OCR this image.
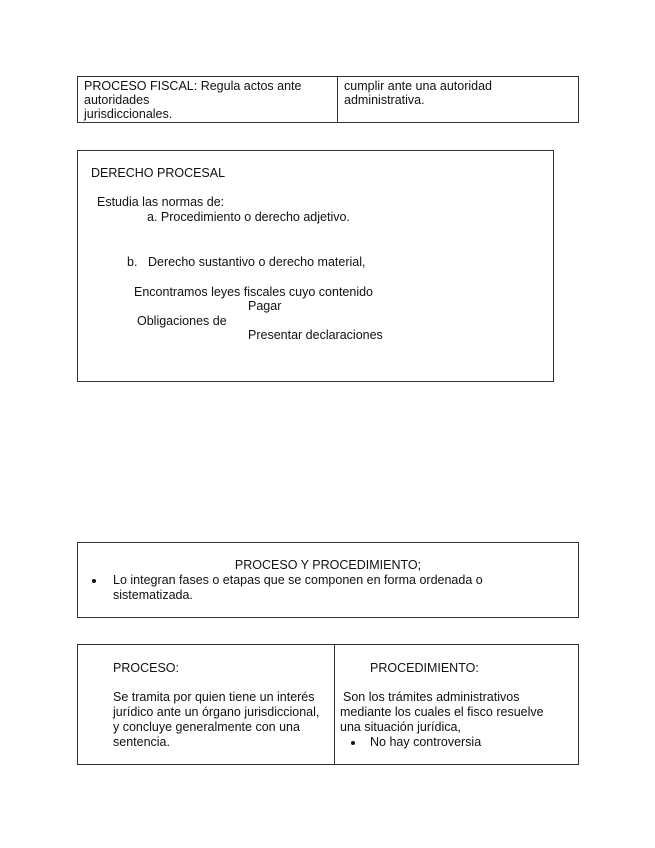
PROCESO FISCAL: Regula actos ante
autoridades
jurisdiccionales.
cumplir ante una autoridad
administrativa.
DERECHO PROCESAL
Estudia las normas de:
a. Procedimiento o derecho adjetivo.
b. Derecho sustantivo o derecho material,
Encontramos leyes fiscales cuyo contenido
Pagar
Obligaciones de
Presentar declaraciones
PROCESO Y PROCEDIMIENTO;
Lo integran fases o etapas que se componen en forma ordenada o
sistematizada.
PROCESO:
Se tramita por quien tiene un interés
jurídico ante un órgano jurisdiccional,
y concluye generalmente con una
sentencia.
PROCEDIMIENTO:
Son los trámites administrativos
mediante los cuales el fisco resuelve
una situación jurídica,
No hay controversia
